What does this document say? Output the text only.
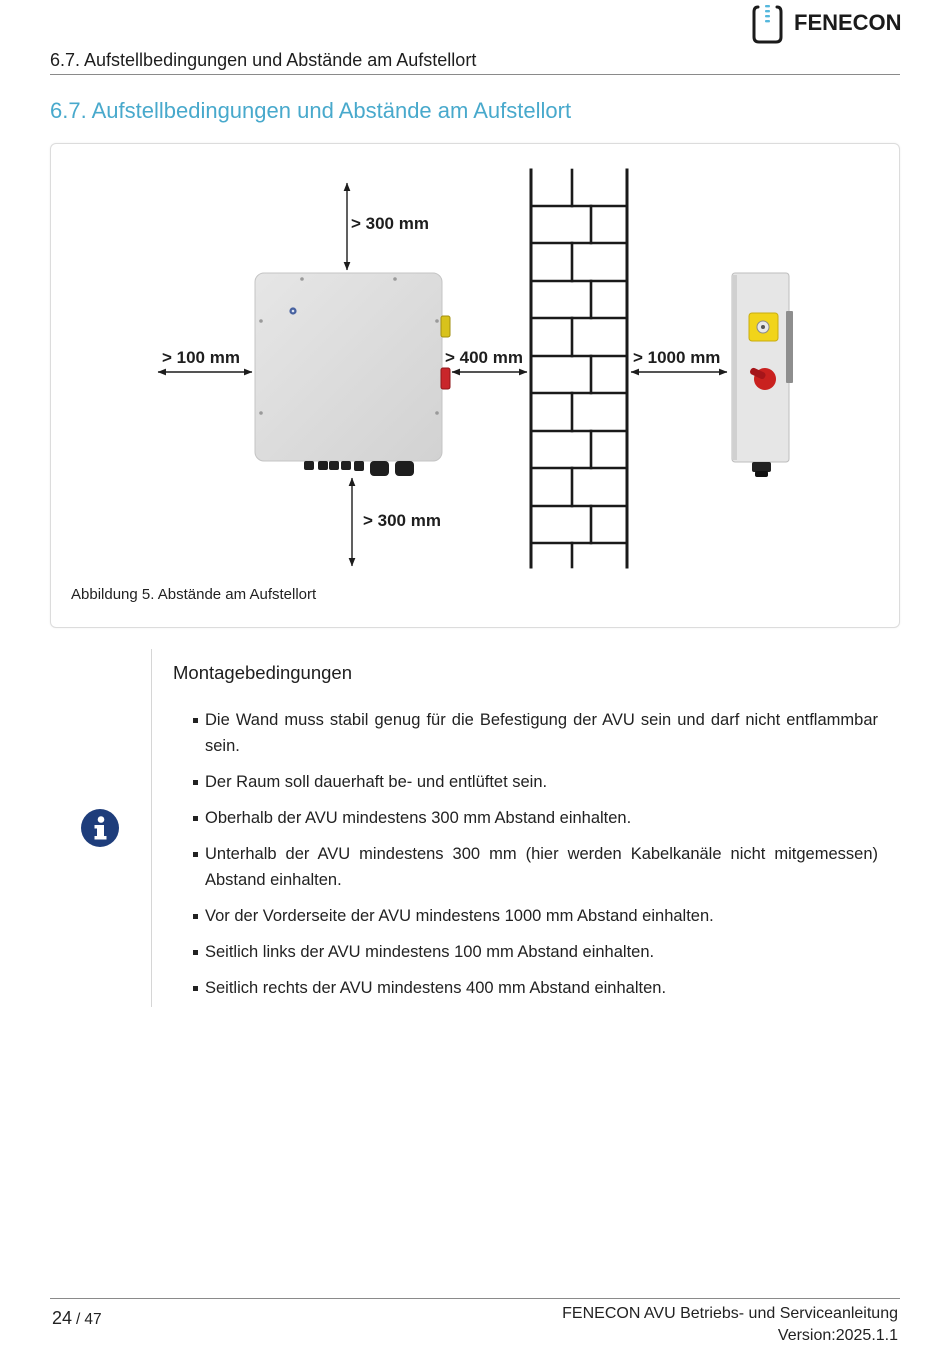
FENECON
6.7. Aufstellbedingungen und Abstände am Aufstellort
6.7. Aufstellbedingungen und Abstände am Aufstellort
> 300 mm
> 100 mm	> 400 mm	> 1000 mm
> 300 mm
Abbildung 5. Abstände am Aufstellort
Montagebedingungen
Die Wand muss stabil genug für die Befestigung der AVU sein und darf nicht entflammbar sein.
Der Raum soll dauerhaft be- und entlüftet sein.
Oberhalb der AVU mindestens 300 mm Abstand einhalten.
Unterhalb der AVU mindestens 300 mm (hier werden Kabelkanäle nicht mitgemessen) Abstand einhalten.
Vor der Vorderseite der AVU mindestens 1000 mm Abstand einhalten.
Seitlich links der AVU mindestens 100 mm Abstand einhalten.
Seitlich rechts der AVU mindestens 400 mm Abstand einhalten.
24 / 47	FENECON AVU Betriebs- und Serviceanleitung
Version:2025.1.1
